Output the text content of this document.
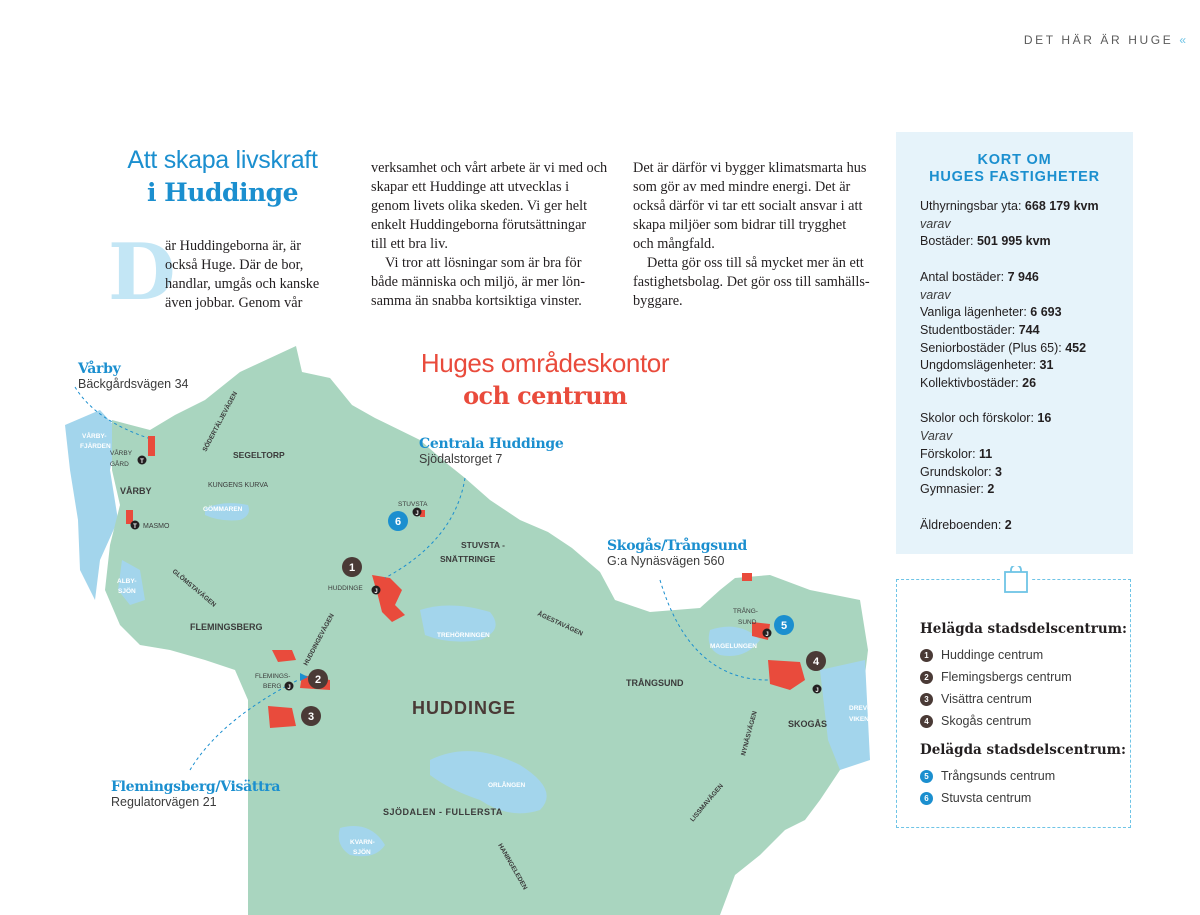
DET HÄR ÄR HUGE «
Att skapa livskraft
i Huddinge
D
är Huddingeborna är, är
också Huge. Där de bor,
handlar, umgås och kanske
även jobbar. Genom vår
verksamhet och vårt arbete är vi med och
skapar ett Huddinge att utvecklas i
genom livets olika skeden. Vi ger helt
enkelt Huddingeborna förutsättningar
till ett bra liv.
Vi tror att lösningar som är bra för
både människa och miljö, är mer lön-
samma än snabba kortsiktiga vinster.
Det är därför vi bygger klimatsmarta hus
som gör av med mindre energi. Det är
också därför vi tar ett socialt ansvar i att
skapa miljöer som bidrar till trygghet
och mångfald.
Detta gör oss till så mycket mer än ett
fastighetsbolag. Det gör oss till samhälls-
byggare.
KORT OM
HUGES FASTIGHETER
Uthyrningsbar yta: 668 179 kvm
varav
Bostäder: 501 995 kvm

Antal bostäder: 7 946
varav
Vanliga lägenheter: 6 693
Studentbostäder: 744
Seniorbostäder (Plus 65): 452
Ungdomslägenheter: 31
Kollektivbostäder: 26

Skolor och förskolor: 16
Varav
Förskolor: 11
Grundskolor: 3
Gymnasier: 2

Äldreboenden: 2
Helägda stadsdelscentrum:
1 Huddinge centrum
2 Flemingsbergs centrum
3 Visättra centrum
4 Skogås centrum
Delägda stadsdelscentrum:
5 Trångsunds centrum
6 Stuvsta centrum
1
2
3
4
5
6
J
J
J
J
J
T
T
HUDDINGE
SEGELTORP
KUNGENS KURVA
VÅRBY
VÅRBY
GÅRD
MASMO
FLEMINGSBERG
FLEMINGS-
BERG
HUDDINGE
STUVSTA
STUVSTA -
SNÄTTRINGE
TRÅNGSUND
TRÅNG-
SUND
SKOGÅS
SJÖDALEN - FULLERSTA
VÅRBY-
FJÄRDEN
GÖMMAREN
ALBY-
SJÖN
TREHÖRNINGEN
MAGELUNGEN
ORLÅNGEN
KVARN-
SJÖN
DREV-
VIKEN
SÖDERTÄLJEVÄGEN
GLÖMSTAVÄGEN
HUDDINGEVÄGEN	ÅGESTAVÄGEN
NYNÄSVÄGEN
LISSMAVÄGEN
HANINGELEDEN
Huges områdeskontor
och centrum
Vårby
Bäckgårdsvägen 34
Centrala Huddinge
Sjödalstorget 7
Skogås/Trångsund
G:a Nynäsvägen 560
Flemingsberg/Visättra
Regulatorvägen 21
